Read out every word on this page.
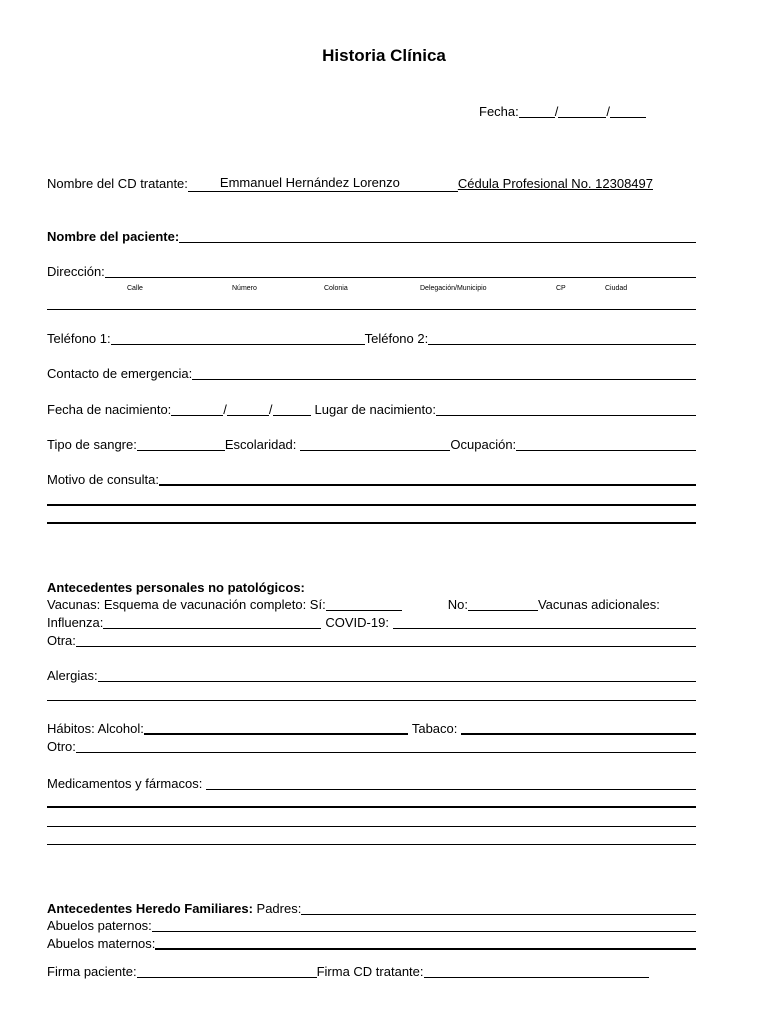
Historia Clínica
Fecha:	/	/
Nombre del CD tratante:	Emmanuel Hernández Lorenzo	Cédula Profesional No. 12308497
Nombre del paciente:
Dirección:
Calle	Número	Colonia	Delegación/Municipio	CP	Ciudad
Teléfono 1:	Teléfono 2:
Contacto de emergencia:
Fecha de nacimiento:	/	/	Lugar de nacimiento:
Tipo de sangre:	Escolaridad:	Ocupación:
Motivo de consulta:
Antecedentes personales no patológicos:
Vacunas: Esquema de vacunación completo: Sí:	No:	Vacunas adicionales:
Influenza:	COVID-19:
Otra:
Alergias:
Hábitos: Alcohol:	Tabaco:
Otro:
Medicamentos y fármacos:
Antecedentes Heredo Familiares: Padres:
Abuelos paternos:
Abuelos maternos:
Firma paciente:	Firma CD tratante:
